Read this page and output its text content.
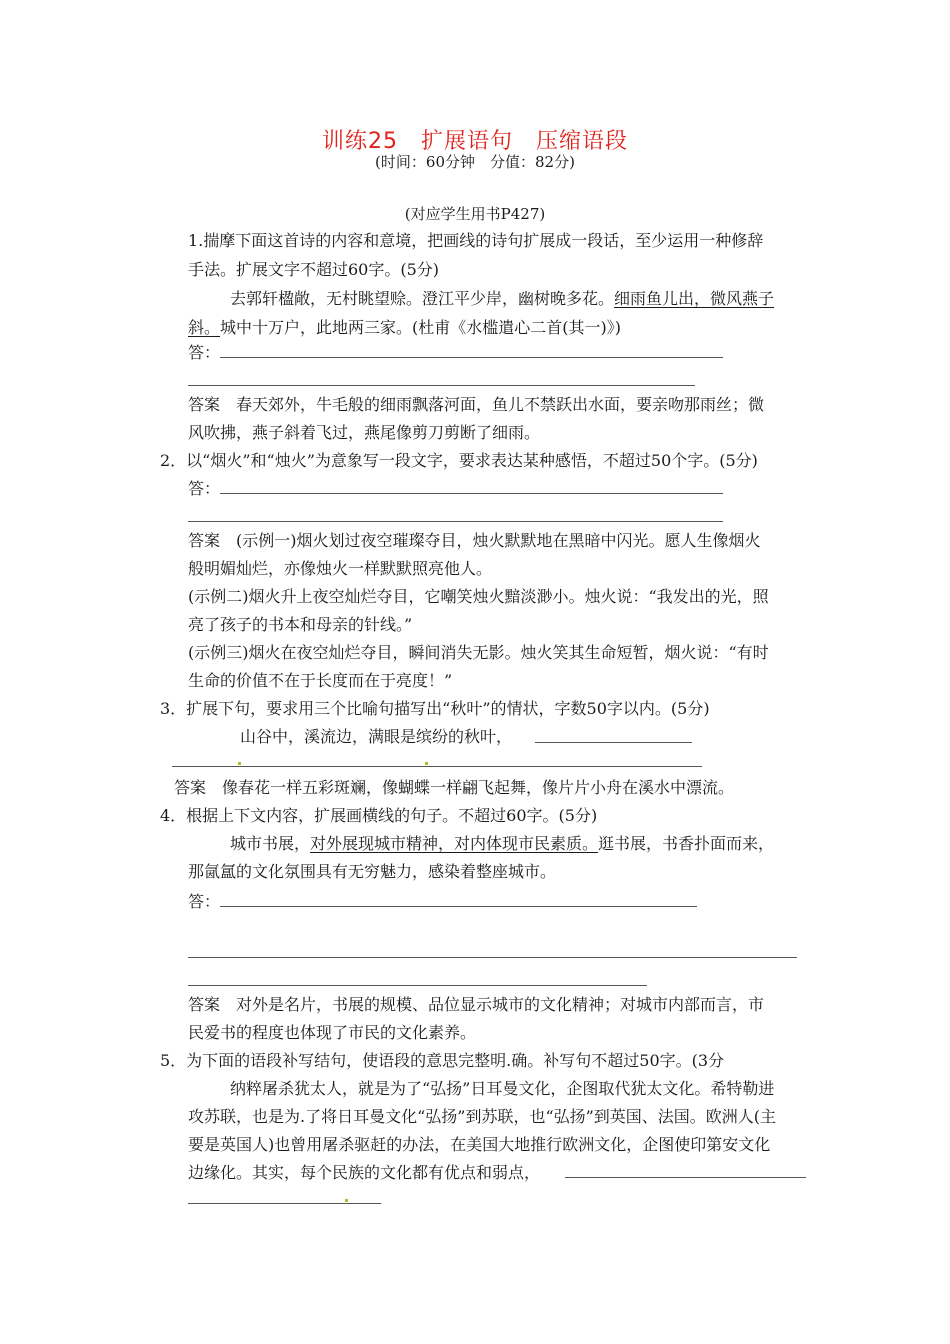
训练25　扩展语句　压缩语段
(时间：60分钟　分值：82分)
(对应学生用书P427)
1.揣摩下面这首诗的内容和意境，把画线的诗句扩展成一段话，至少运用一种修辞
手法。扩展文字不超过60字。(5分)
去郭轩楹敞，无村眺望赊。澄江平少岸，幽树晚多花。细雨鱼儿出，微风燕子
斜。城中十万户，此地两三家。(杜甫《水槛遣心二首(其一)》)
答：
答案　春天郊外，牛毛般的细雨飘落河面，鱼儿不禁跃出水面，要亲吻那雨丝；微
风吹拂，燕子斜着飞过，燕尾像剪刀剪断了细雨。
2．以“烟火”和“烛火”为意象写一段文字，要求表达某种感悟，不超过50个字。(5分)
答：
答案　(示例一)烟火划过夜空璀璨夺目，烛火默默地在黑暗中闪光。愿人生像烟火
般明媚灿烂，亦像烛火一样默默照亮他人。
(示例二)烟火升上夜空灿烂夺目，它嘲笑烛火黯淡渺小。烛火说：“我发出的光，照
亮了孩子的书本和母亲的针线。”
(示例三)烟火在夜空灿烂夺目，瞬间消失无影。烛火笑其生命短暂，烟火说：“有时
生命的价值不在于长度而在于亮度！”
3．扩展下句，要求用三个比喻句描写出“秋叶”的情状，字数50字以内。(5分)
山谷中，溪流边，满眼是缤纷的秋叶，
答案　像春花一样五彩斑斓，像蝴蝶一样翩飞起舞，像片片小舟在溪水中漂流。
4．根据上下文内容，扩展画横线的句子。不超过60字。(5分)
城市书展，对外展现城市精神，对内体现市民素质。逛书展，书香扑面而来，
那氤氲的文化氛围具有无穷魅力，感染着整座城市。
答：
答案　对外是名片，书展的规模、品位显示城市的文化精神；对城市内部而言，市
民爱书的程度也体现了市民的文化素养。
5．为下面的语段补写结句，使语段的意思完整明.确。补写句不超过50字。(3分
纳粹屠杀犹太人，就是为了“弘扬”日耳曼文化，企图取代犹太文化。希特勒进
攻苏联，也是为.了将日耳曼文化“弘扬”到苏联，也“弘扬”到英国、法国。欧洲人(主
要是英国人)也曾用屠杀驱赶的办法，在美国大地推行欧洲文化，企图使印第安文化
边缘化。其实，每个民族的文化都有优点和弱点，
